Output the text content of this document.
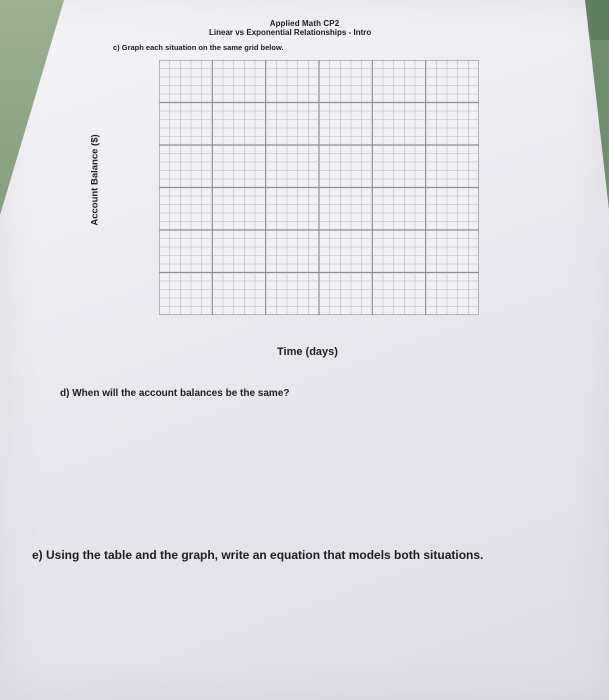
Applied Math CP2
Linear vs Exponential Relationships - Intro
c) Graph each situation on the same grid below.
Account Balance ($)
Time (days)
d) When will the account balances be the same?
e) Using the table and the graph, write an equation that models both situations.
